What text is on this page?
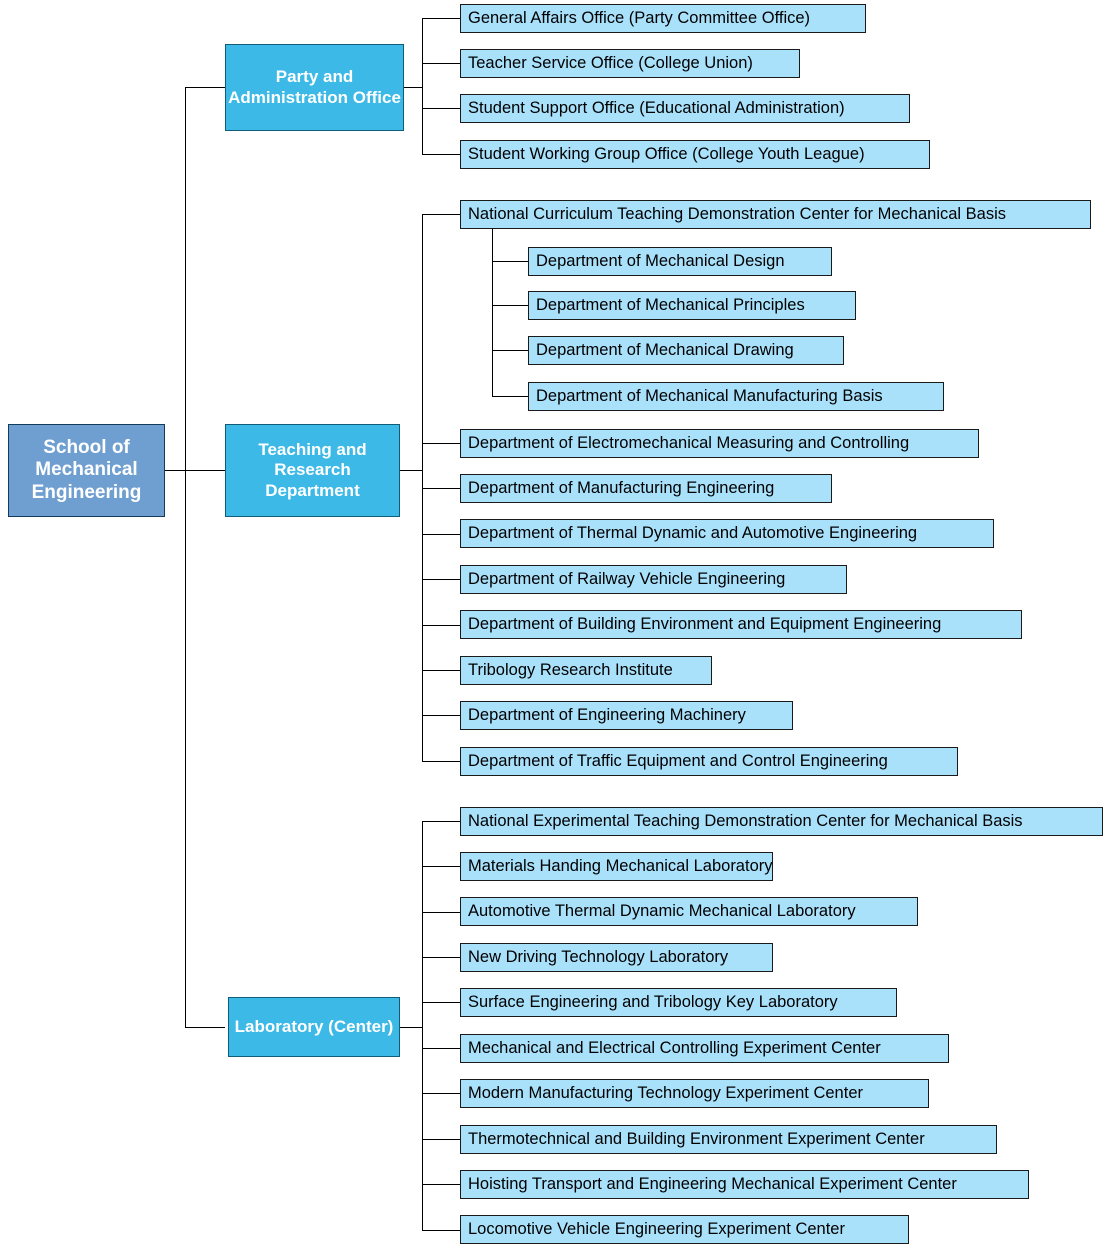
School of
Mechanical
Engineering
Party and Administration Office
Teaching and Research Department
Laboratory (Center)
General Affairs Office (Party Committee Office)
Teacher Service Office (College Union)
Student Support Office (Educational Administration)
Student Working Group Office (College Youth League)
National Curriculum Teaching Demonstration Center for Mechanical Basis
Department of Mechanical Design
Department of Mechanical Principles
Department of Mechanical Drawing
Department of Mechanical Manufacturing Basis
Department of Electromechanical Measuring and Controlling
Department of Manufacturing Engineering
Department of Thermal Dynamic and Automotive Engineering
Department of Railway Vehicle Engineering
Department of Building Environment and Equipment Engineering
Tribology Research Institute
Department of Engineering Machinery
Department of Traffic Equipment and Control Engineering
National Experimental Teaching Demonstration Center for Mechanical Basis
Materials Handing Mechanical Laboratory
Automotive Thermal Dynamic Mechanical Laboratory
New Driving Technology Laboratory
Surface Engineering and Tribology Key Laboratory
Mechanical and Electrical Controlling Experiment Center
Modern Manufacturing Technology Experiment Center
Thermotechnical and Building Environment Experiment Center
Hoisting Transport and Engineering Mechanical Experiment Center
Locomotive Vehicle Engineering Experiment Center
